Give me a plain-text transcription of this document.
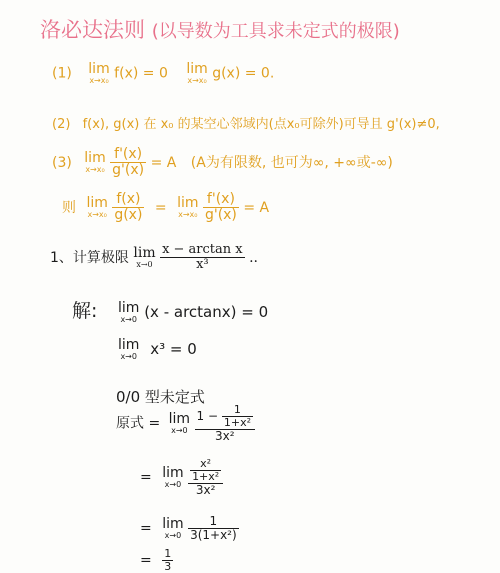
洛必达法则 (以导数为工具求未定式的极限)
(1) lim
x→x₀ f(x) = 0 lim
x→x₀ g(x) = 0.
(2) f(x), g(x) 在 x₀ 的某空心邻域内(点x₀可除外)可导且 g'(x)≠0,
(3) lim
x→x₀
$\frac{f'(x)}{g'(x)} = A$ (A为有限数, 也可为∞, +∞或-∞)
则 lim
x→x₀
$\frac{f(x)}{g(x)} = \lim$
x→x₀
$\frac{f'(x)}{g'(x)} = A$
1、计算极限 lim
x→0
$\frac{\text{x − arctan x}}{\text{x³}}$ ..
解: lim
x→0 (x - arctanx) = 0
lim
x→0 x³ = 0
0/0 型未定式
原式 = lim
x→0
$\frac{1 - \frac{1}{\text{1+x²}}}{\text{3x²}}$
= lim
x→0
$\frac{\frac{\text{x²}}{\text{1+x²}}}{\text{3x²}}$
= lim
x→0
$\frac{1}{\text{3(1+x²)}}$
= $\frac{1}{3}$
